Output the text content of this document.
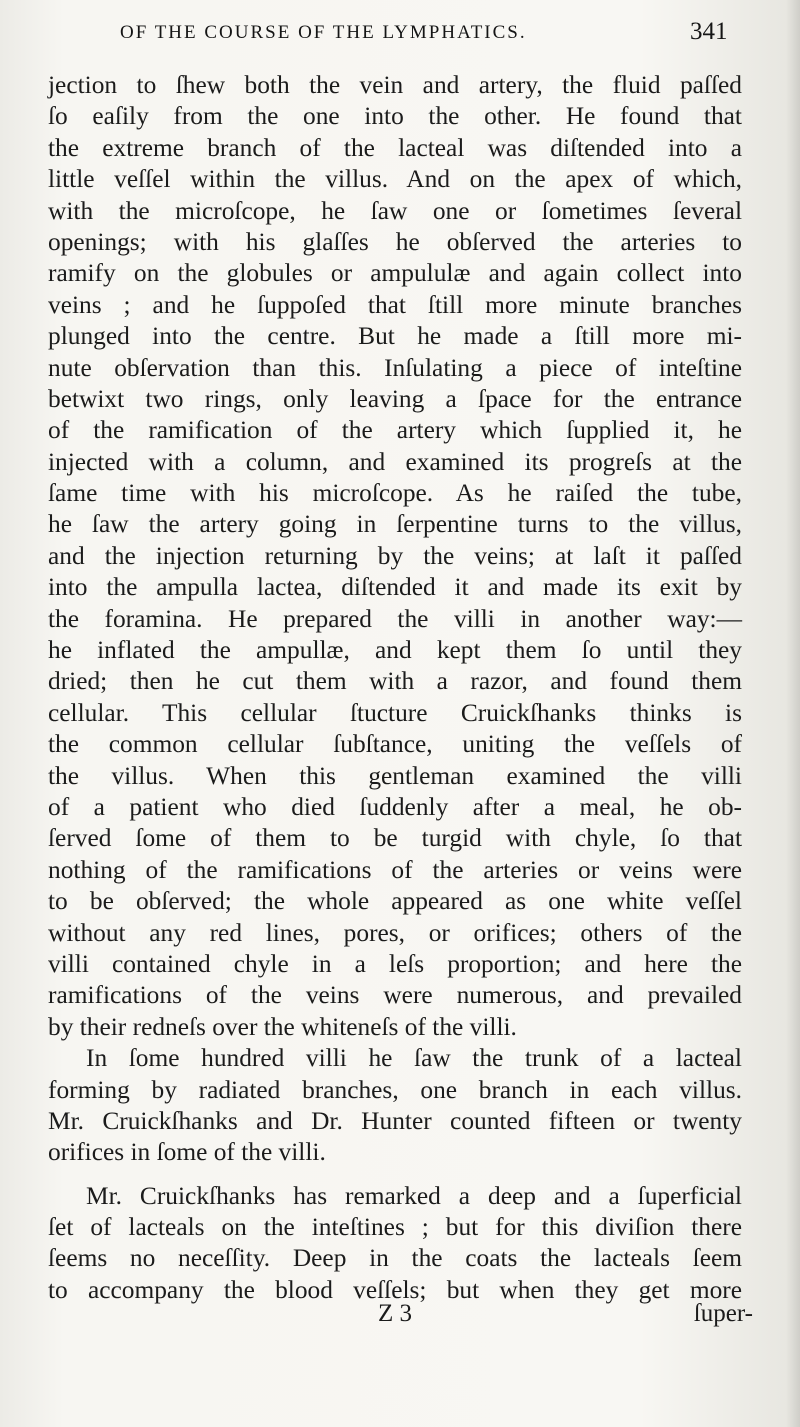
OF THE COURSE OF THE LYMPHATICS.	341
jection to ſhew both the vein and artery, the fluid paſſed
ſo eaſily from the one into the other. He found that
the extreme branch of the lacteal was diſtended into a
little veſſel within the villus. And on the apex of which,
with the microſcope, he ſaw one or ſometimes ſeveral
openings; with his glaſſes he obſerved the arteries to
ramify on the globules or ampululæ and again collect into
veins ; and he ſuppoſed that ſtill more minute branches
plunged into the centre. But he made a ſtill more mi-
nute obſervation than this. Inſulating a piece of inteſtine
betwixt two rings, only leaving a ſpace for the entrance
of the ramification of the artery which ſupplied it, he
injected with a column, and examined its progreſs at the
ſame time with his microſcope. As he raiſed the tube,
he ſaw the artery going in ſerpentine turns to the villus,
and the injection returning by the veins; at laſt it paſſed
into the ampulla lactea, diſtended it and made its exit by
the foramina. He prepared the villi in another way:—
he inflated the ampullæ, and kept them ſo until they
dried; then he cut them with a razor, and found them
cellular. This cellular ſtucture Cruickſhanks thinks is
the common cellular ſubſtance, uniting the veſſels of
the villus. When this gentleman examined the villi
of a patient who died ſuddenly after a meal, he ob-
ſerved ſome of them to be turgid with chyle, ſo that
nothing of the ramifications of the arteries or veins were
to be obſerved; the whole appeared as one white veſſel
without any red lines, pores, or orifices; others of the
villi contained chyle in a leſs proportion; and here the
ramifications of the veins were numerous, and prevailed
by their redneſs over the whiteneſs of the villi.
In ſome hundred villi he ſaw the trunk of a lacteal
forming by radiated branches, one branch in each villus.
Mr. Cruickſhanks and Dr. Hunter counted fifteen or twenty
orifices in ſome of the villi.
Mr. Cruickſhanks has remarked a deep and a ſuperficial
ſet of lacteals on the inteſtines ; but for this diviſion there
ſeems no neceſſity. Deep in the coats the lacteals ſeem
to accompany the blood veſſels; but when they get more
Z 3	ſuper-
